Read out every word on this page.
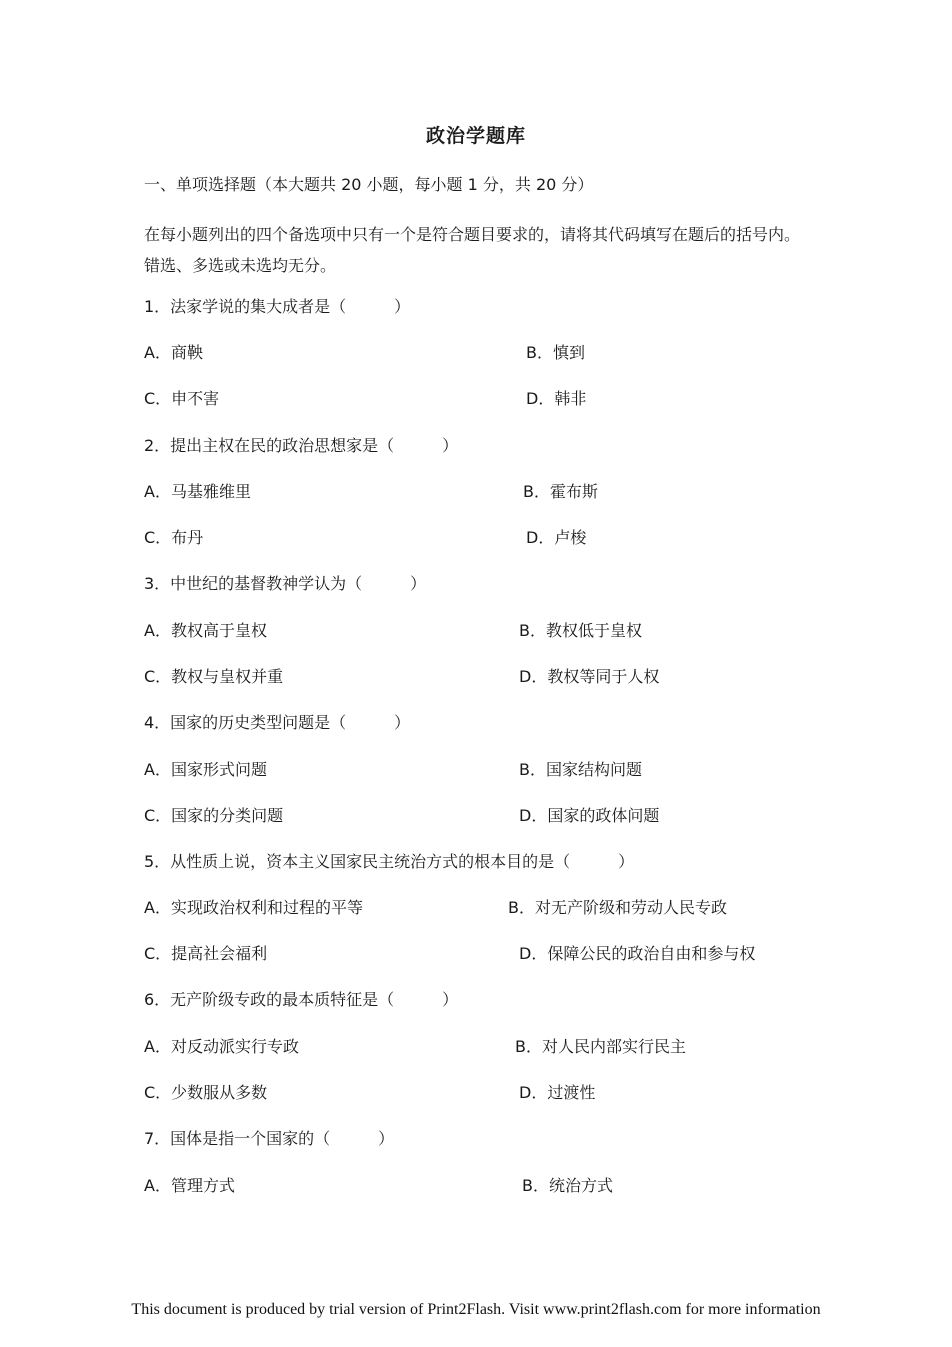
政治学题库
一、单项选择题（本大题共 20 小题，每小题 1 分，共 20 分）
在每小题列出的四个备选项中只有一个是符合题目要求的，请将其代码填写在题后的括号内。错选、多选或未选均无分。
1．法家学说的集大成者是（　　　）
A．商鞅	B．慎到
C．申不害	D．韩非
2．提出主权在民的政治思想家是（　　　）
A．马基雅维里	B．霍布斯
C．布丹	D．卢梭
3．中世纪的基督教神学认为（　　　）
A．教权高于皇权	B．教权低于皇权
C．教权与皇权并重	D．教权等同于人权
4．国家的历史类型问题是（　　　）
A．国家形式问题	B．国家结构问题
C．国家的分类问题	D．国家的政体问题
5．从性质上说，资本主义国家民主统治方式的根本目的是（　　　）
A．实现政治权利和过程的平等	B．对无产阶级和劳动人民专政
C．提高社会福利	D．保障公民的政治自由和参与权
6．无产阶级专政的最本质特征是（　　　）
A．对反动派实行专政	B．对人民内部实行民主
C．少数服从多数	D．过渡性
7．国体是指一个国家的（　　　）
A．管理方式	B．统治方式
This document is produced by trial version of Print2Flash. Visit www.print2flash.com for more information
